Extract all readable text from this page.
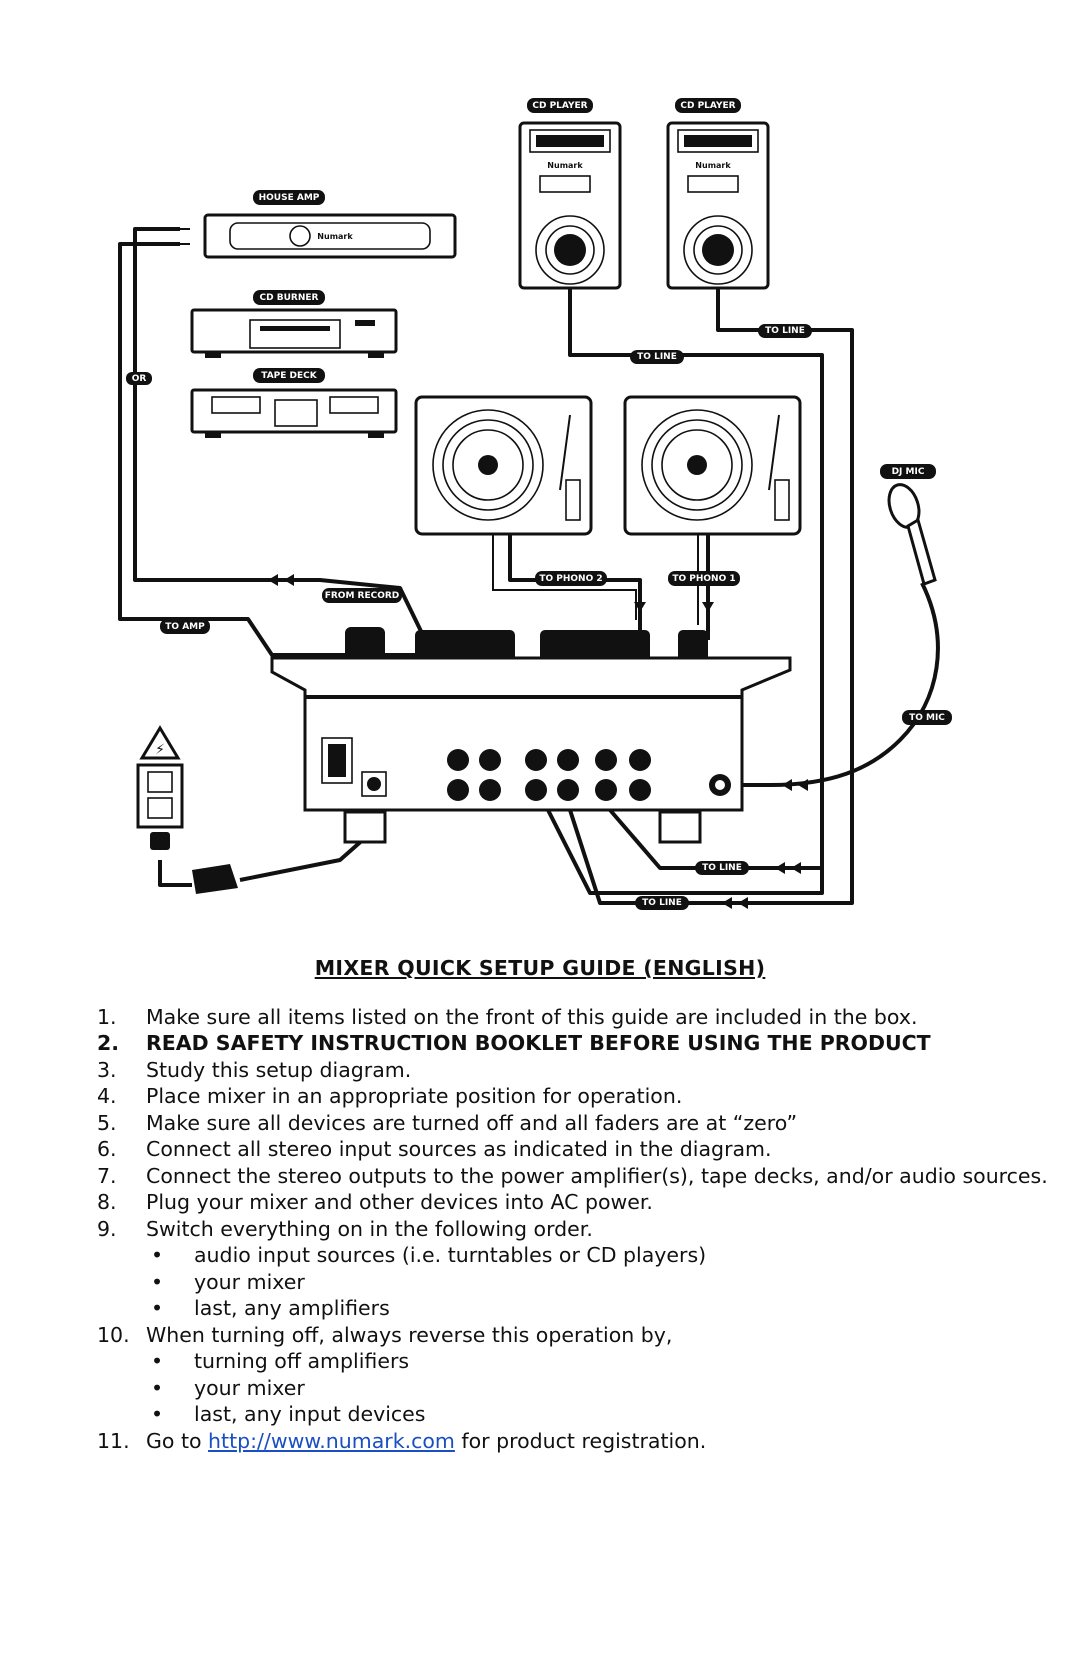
Numark	Numark
Numark
⚡
CD PLAYER	CD PLAYER
HOUSE AMP
CD BURNER
TAPE DECK
OR
TO LINE
TO LINE
DJ MIC
TO PHONO 2	TO PHONO 1
FROM RECORD
TO AMP
TO MIC
TO LINE
TO LINE
MIXER QUICK SETUP GUIDE (ENGLISH)
1. Make sure all items listed on the front of this guide are included in the box.
2. READ SAFETY INSTRUCTION BOOKLET BEFORE USING THE PRODUCT
3. Study this setup diagram.
4. Place mixer in an appropriate position for operation.
5. Make sure all devices are turned off and all faders are at “zero”
6. Connect all stereo input sources as indicated in the diagram.
7. Connect the stereo outputs to the power amplifier(s), tape decks, and/or audio sources.
8. Plug your mixer and other devices into AC power.
9. Switch everything on in the following order.
• audio input sources (i.e. turntables or CD players)
• your mixer
• last, any amplifiers
10. When turning off, always reverse this operation by,
• turning off amplifiers
• your mixer
• last, any input devices
11. Go to http://www.numark.com for product registration.
